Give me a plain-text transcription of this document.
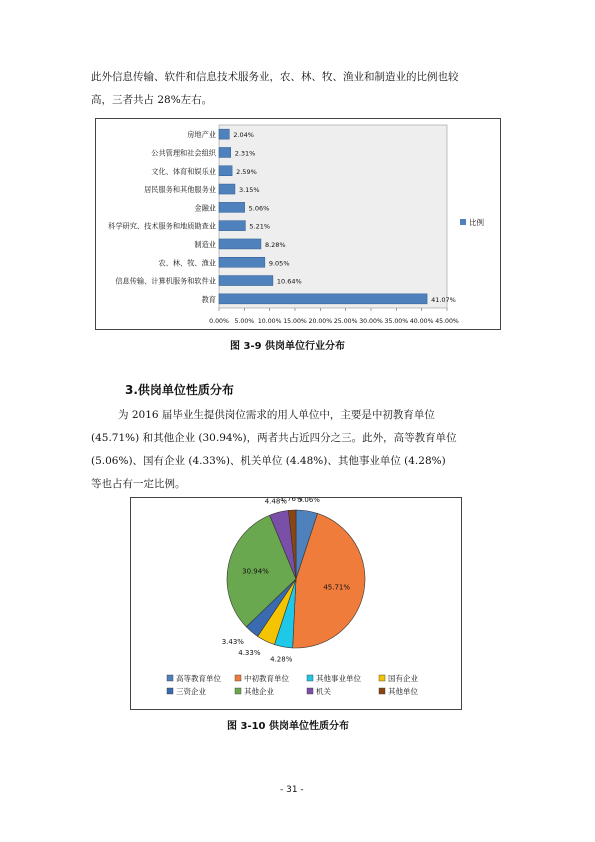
此外信息传输、软件和信息技术服务业，农、林、牧、渔业和制造业的比例也较
高，三者共占 28%左右。
房地产业	2.04%
公共管理和社会组织	2.31%
文化、体育和娱乐业	2.59%
居民服务和其他服务业	3.15%
金融业	5.06%
科学研究、技术服务和地质勘查业	5.21%
制造业	8.28%
农、林、牧、渔业	9.05%
信息传输、计算机服务和软件业	10.64%
教育	41.07%
0.00% 5.00% 10.00% 15.00% 20.00% 25.00% 30.00% 35.00% 40.00% 45.00%
比例
图 3-9 供岗单位行业分布
3.供岗单位性质分布
为 2016 届毕业生提供岗位需求的用人单位中，主要是中初教育单位
(45.71%) 和其他企业 (30.94%)，两者共占近四分之三。此外，高等教育单位
(5.06%)、国有企业 (4.33%)、机关单位 (4.48%)、其他事业单位 (4.28%)
等也占有一定比例。
5.06%
45.71%
4.28%
4.33%
3.43%
30.94%
4.48%
1.76%
高等教育单位	中初教育单位	其他事业单位	国有企业
三资企业	其他企业	机关	其他单位
图 3-10 供岗单位性质分布
- 31 -
